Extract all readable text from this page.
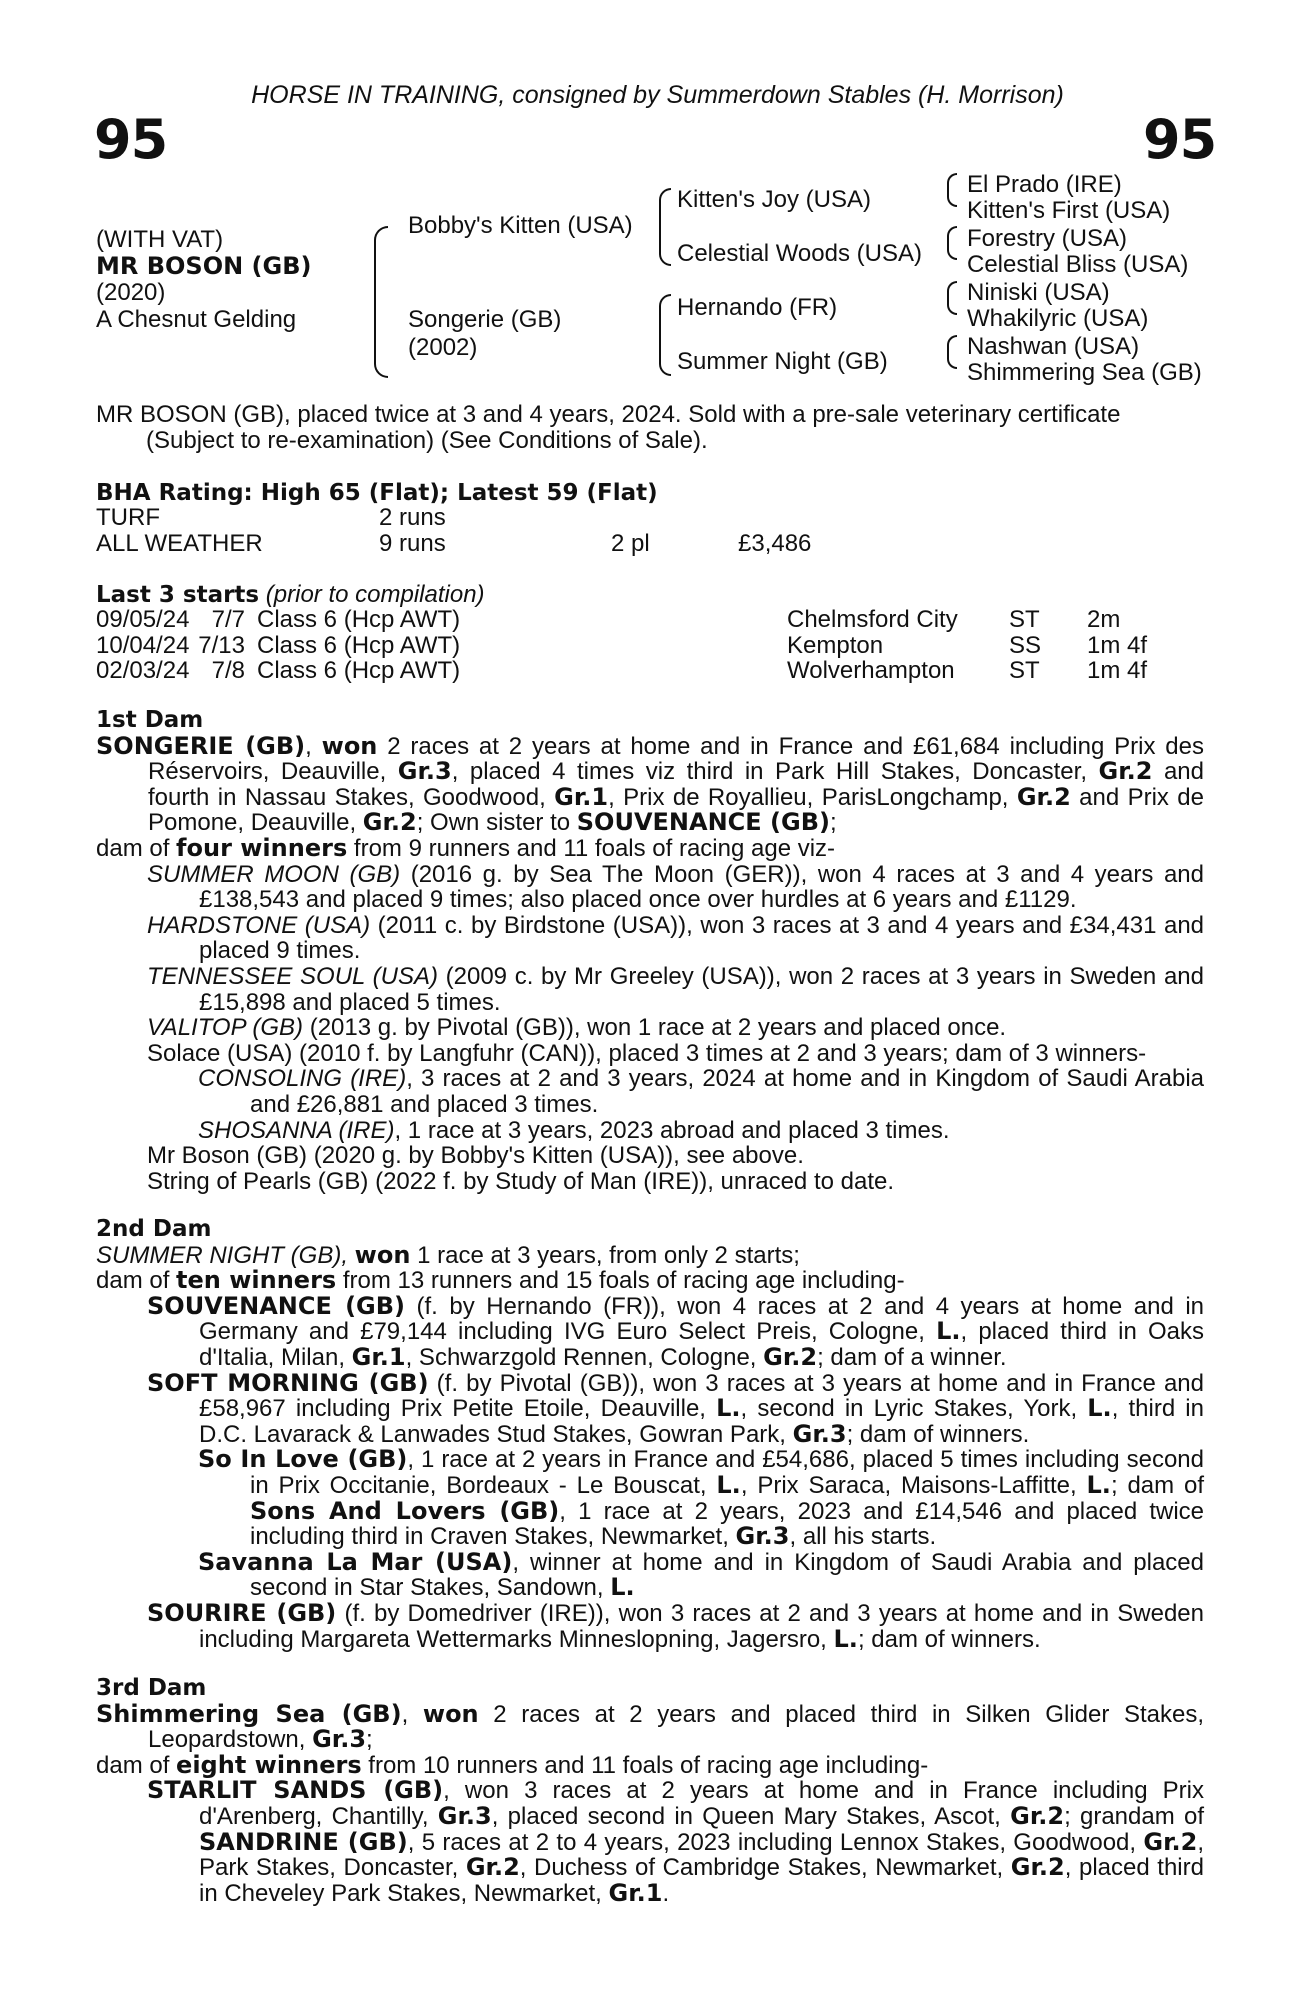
HORSE IN TRAINING, consigned by Summerdown Stables (H. Morrison)
95	95
(WITH VAT)
MR BOSON (GB)
(2020)
A Chesnut Gelding
Bobby's Kitten (USA)
Songerie (GB)
(2002)
Kitten's Joy (USA)
Celestial Woods (USA)
Hernando (FR)
Summer Night (GB)
El Prado (IRE)
Kitten's First (USA)
Forestry (USA)
Celestial Bliss (USA)
Niniski (USA)
Whakilyric (USA)
Nashwan (USA)
Shimmering Sea (GB)

MR BOSON (GB), placed twice at 3 and 4 years, 2024. Sold with a pre-sale veterinary certificate

(Subject to re-examination) (See Conditions of Sale).

BHA Rating: High 65 (Flat); Latest 59 (Flat)
TURF	2 runs		
ALL WEATHER	9 runs	2 pl	£3,486
Last 3 starts (prior to compilation)
09/05/24	7/7	Class 6 (Hcp AWT)	Chelmsford City	ST	2m
10/04/24	7/13	Class 6 (Hcp AWT)	Kempton	SS	1m 4f
02/03/24	7/8	Class 6 (Hcp AWT)	Wolverhampton	ST	1m 4f

1st Dam

SONGERIE (GB), won 2 races at 2 years at home and in France and £61,684 including Prix des Réservoirs, Deauville, Gr.3, placed 4 times viz third in Park Hill Stakes, Doncaster, Gr.2 and fourth in Nassau Stakes, Goodwood, Gr.1, Prix de Royallieu, ParisLongchamp, Gr.2 and Prix de Pomone, Deauville, Gr.2; Own sister to SOUVENANCE (GB);

dam of four winners from 9 runners and 11 foals of racing age viz-

SUMMER MOON (GB) (2016 g. by Sea The Moon (GER)), won 4 races at 3 and 4 years and £138,543 and placed 9 times; also placed once over hurdles at 6 years and £1129.

HARDSTONE (USA) (2011 c. by Birdstone (USA)), won 3 races at 3 and 4 years and £34,431 and placed 9 times.

TENNESSEE SOUL (USA) (2009 c. by Mr Greeley (USA)), won 2 races at 3 years in Sweden and £15,898 and placed 5 times.

VALITOP (GB) (2013 g. by Pivotal (GB)), won 1 race at 2 years and placed once.

Solace (USA) (2010 f. by Langfuhr (CAN)), placed 3 times at 2 and 3 years; dam of 3 winners-

CONSOLING (IRE), 3 races at 2 and 3 years, 2024 at home and in Kingdom of Saudi Arabia and £26,881 and placed 3 times.

SHOSANNA (IRE), 1 race at 3 years, 2023 abroad and placed 3 times.

Mr Boson (GB) (2020 g. by Bobby's Kitten (USA)), see above.

String of Pearls (GB) (2022 f. by Study of Man (IRE)), unraced to date.

2nd Dam

SUMMER NIGHT (GB), won 1 race at 3 years, from only 2 starts;

dam of ten winners from 13 runners and 15 foals of racing age including-

SOUVENANCE (GB) (f. by Hernando (FR)), won 4 races at 2 and 4 years at home and in Germany and £79,144 including IVG Euro Select Preis, Cologne, L., placed third in Oaks d'Italia, Milan, Gr.1, Schwarzgold Rennen, Cologne, Gr.2; dam of a winner.

SOFT MORNING (GB) (f. by Pivotal (GB)), won 3 races at 3 years at home and in France and £58,967 including Prix Petite Etoile, Deauville, L., second in Lyric Stakes, York, L., third in D.C. Lavarack & Lanwades Stud Stakes, Gowran Park, Gr.3; dam of winners.

So In Love (GB), 1 race at 2 years in France and £54,686, placed 5 times including second in Prix Occitanie, Bordeaux - Le Bouscat, L., Prix Saraca, Maisons-Laffitte, L.; dam of Sons And Lovers (GB), 1 race at 2 years, 2023 and £14,546 and placed twice including third in Craven Stakes, Newmarket, Gr.3, all his starts.

Savanna La Mar (USA), winner at home and in Kingdom of Saudi Arabia and placed second in Star Stakes, Sandown, L.

SOURIRE (GB) (f. by Domedriver (IRE)), won 3 races at 2 and 3 years at home and in Sweden including Margareta Wettermarks Minneslopning, Jagersro, L.; dam of winners.

3rd Dam

Shimmering Sea (GB), won 2 races at 2 years and placed third in Silken Glider Stakes, Leopardstown, Gr.3;

dam of eight winners from 10 runners and 11 foals of racing age including-

STARLIT SANDS (GB), won 3 races at 2 years at home and in France including Prix d'Arenberg, Chantilly, Gr.3, placed second in Queen Mary Stakes, Ascot, Gr.2; grandam of SANDRINE (GB), 5 races at 2 to 4 years, 2023 including Lennox Stakes, Goodwood, Gr.2, Park Stakes, Doncaster, Gr.2, Duchess of Cambridge Stakes, Newmarket, Gr.2, placed third in Cheveley Park Stakes, Newmarket, Gr.1.
